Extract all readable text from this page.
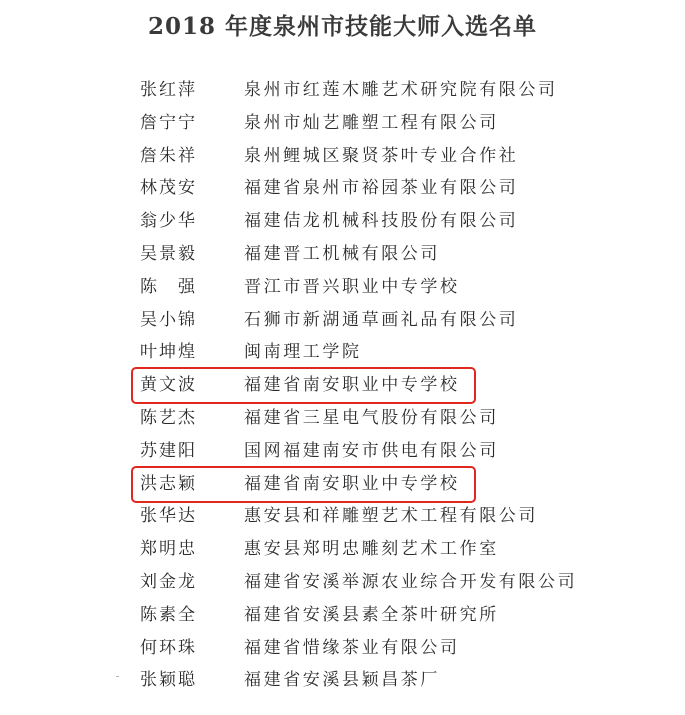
2018 年度泉州市技能大师入选名单
张红萍	泉州市红莲木雕艺术研究院有限公司
詹宁宁	泉州市灿艺雕塑工程有限公司
詹朱祥	泉州鲤城区聚贤茶叶专业合作社
林茂安	福建省泉州市裕园茶业有限公司
翁少华	福建佶龙机械科技股份有限公司
吴景毅	福建晋工机械有限公司
陈　强	晋江市晋兴职业中专学校
吴小锦	石狮市新湖通草画礼品有限公司
叶坤煌	闽南理工学院
黄文波	福建省南安职业中专学校
陈艺杰	福建省三星电气股份有限公司
苏建阳	国网福建南安市供电有限公司
洪志颖	福建省南安职业中专学校
张华达	惠安县和祥雕塑艺术工程有限公司
郑明忠	惠安县郑明忠雕刻艺术工作室
刘金龙	福建省安溪举源农业综合开发有限公司
陈素全	福建省安溪县素全茶叶研究所
何环珠	福建省惜缘茶业有限公司
张颖聪	福建省安溪县颖昌茶厂
